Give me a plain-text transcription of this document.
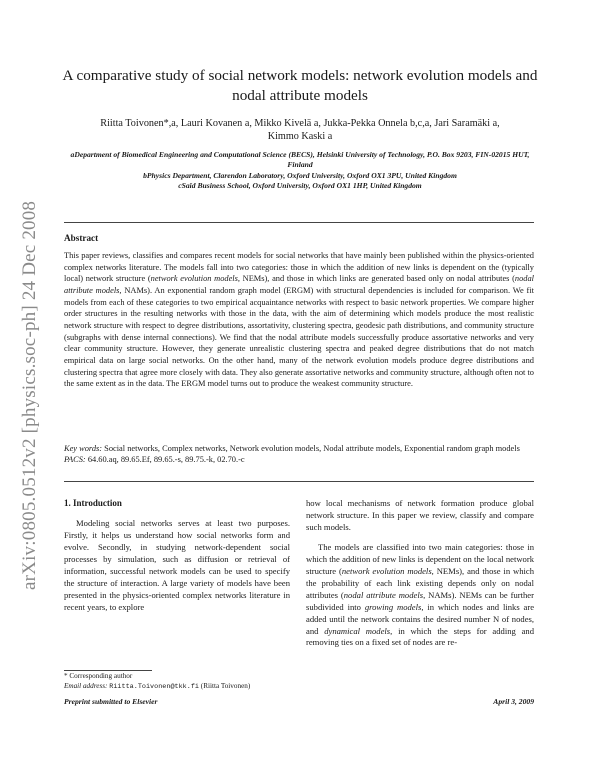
arXiv:0805.0512v2 [physics.soc-ph] 24 Dec 2008
A comparative study of social network models: network evolution models and nodal attribute models
Riitta Toivonen*,a, Lauri Kovanen a, Mikko Kivelä a, Jukka-Pekka Onnela b,c,a, Jari Saramäki a, Kimmo Kaski a
aDepartment of Biomedical Engineering and Computational Science (BECS), Helsinki University of Technology, P.O. Box 9203, FIN-02015 HUT, Finland
bPhysics Department, Clarendon Laboratory, Oxford University, Oxford OX1 3PU, United Kingdom
cSaïd Business School, Oxford University, Oxford OX1 1HP, United Kingdom
Abstract
This paper reviews, classifies and compares recent models for social networks that have mainly been published within the physics-oriented complex networks literature. The models fall into two categories: those in which the addition of new links is dependent on the (typically local) network structure (network evolution models, NEMs), and those in which links are generated based only on nodal attributes (nodal attribute models, NAMs). An exponential random graph model (ERGM) with structural dependencies is included for comparison. We fit models from each of these categories to two empirical acquaintance networks with respect to basic network properties. We compare higher order structures in the resulting networks with those in the data, with the aim of determining which models produce the most realistic network structure with respect to degree distributions, assortativity, clustering spectra, geodesic path distributions, and community structure (subgraphs with dense internal connections). We find that the nodal attribute models successfully produce assortative networks and very clear community structure. However, they generate unrealistic clustering spectra and peaked degree distributions that do not match empirical data on large social networks. On the other hand, many of the network evolution models produce degree distributions and clustering spectra that agree more closely with data. They also generate assortative networks and community structure, although often not to the same extent as in the data. The ERGM model turns out to produce the weakest community structure.
Key words: Social networks, Complex networks, Network evolution models, Nodal attribute models, Exponential random graph models
PACS: 64.60.aq, 89.65.Ef, 89.65.-s, 89.75.-k, 02.70.-c
1. Introduction

Modeling social networks serves at least two purposes. Firstly, it helps us understand how social networks form and evolve. Secondly, in studying network-dependent social processes by simulation, such as diffusion or retrieval of information, successful network models can be used to specify the structure of interaction. A large variety of models have been presented in the physics-oriented complex networks literature in recent years, to explore

how local mechanisms of network formation produce global network structure. In this paper we review, classify and compare such models.

The models are classified into two main categories: those in which the addition of new links is dependent on the local network structure (network evolution models, NEMs), and those in which the probability of each link existing depends only on nodal attributes (nodal attribute models, NAMs). NEMs can be further subdivided into growing models, in which nodes and links are added until the network contains the desired number N of nodes, and dynamical models, in which the steps for adding and removing ties on a fixed set of nodes are re-

* Corresponding author
Email address: Riitta.Toivonen@tkk.fi (Riitta Toivonen)
Preprint submitted to Elsevier	April 3, 2009
